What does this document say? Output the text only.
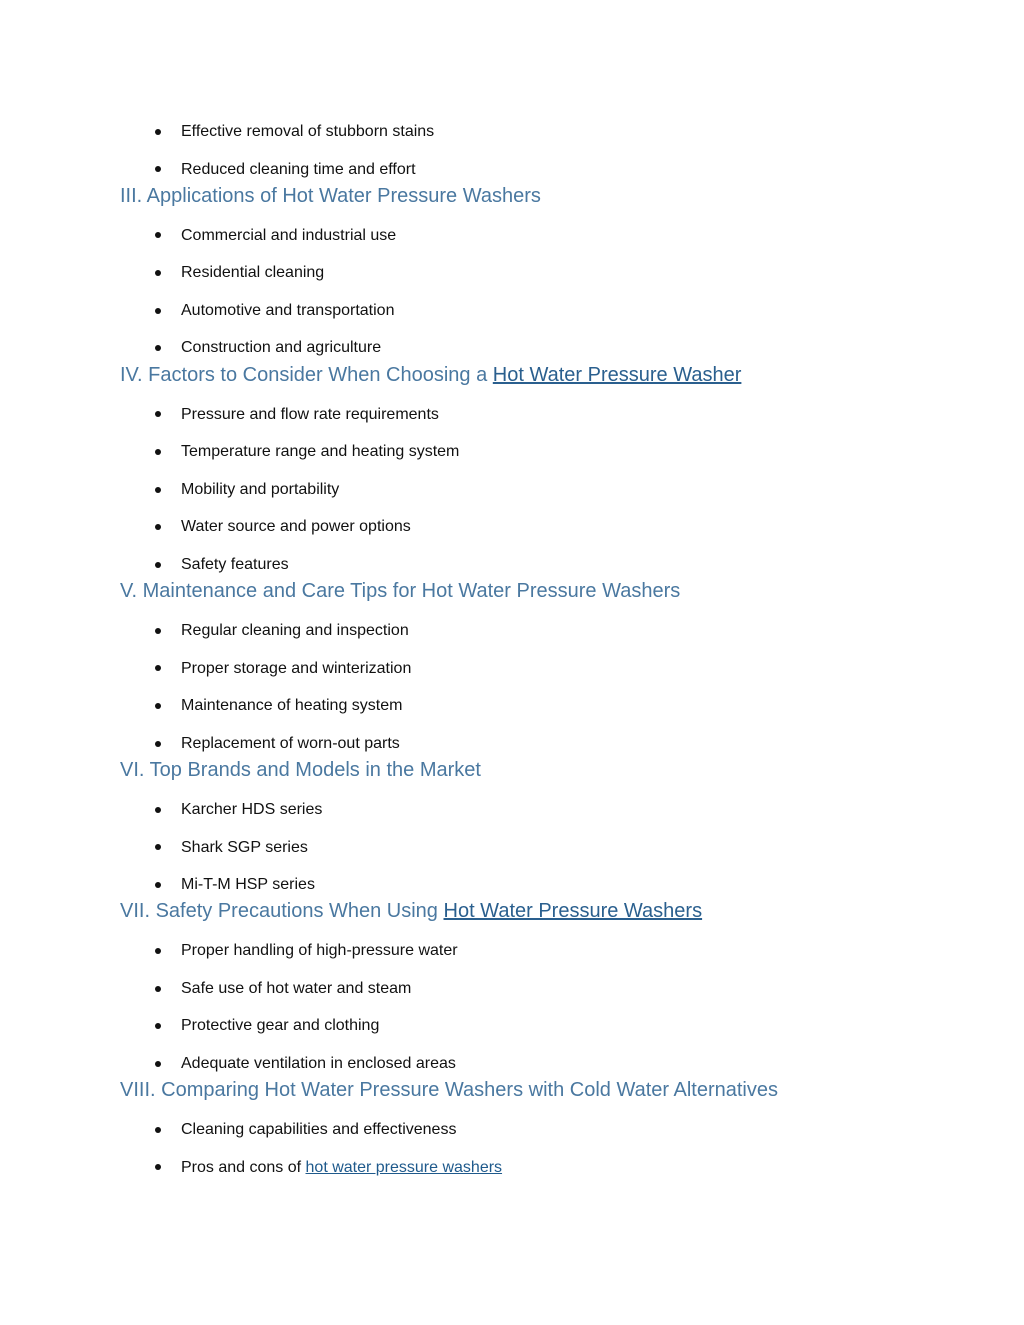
Effective removal of stubborn stains
Reduced cleaning time and effort
III. Applications of Hot Water Pressure Washers
Commercial and industrial use
Residential cleaning
Automotive and transportation
Construction and agriculture
IV. Factors to Consider When Choosing a Hot Water Pressure Washer
Pressure and flow rate requirements
Temperature range and heating system
Mobility and portability
Water source and power options
Safety features
V. Maintenance and Care Tips for Hot Water Pressure Washers
Regular cleaning and inspection
Proper storage and winterization
Maintenance of heating system
Replacement of worn-out parts
VI. Top Brands and Models in the Market
Karcher HDS series
Shark SGP series
Mi-T-M HSP series
VII. Safety Precautions When Using Hot Water Pressure Washers
Proper handling of high-pressure water
Safe use of hot water and steam
Protective gear and clothing
Adequate ventilation in enclosed areas
VIII. Comparing Hot Water Pressure Washers with Cold Water Alternatives
Cleaning capabilities and effectiveness
Pros and cons of hot water pressure washers
